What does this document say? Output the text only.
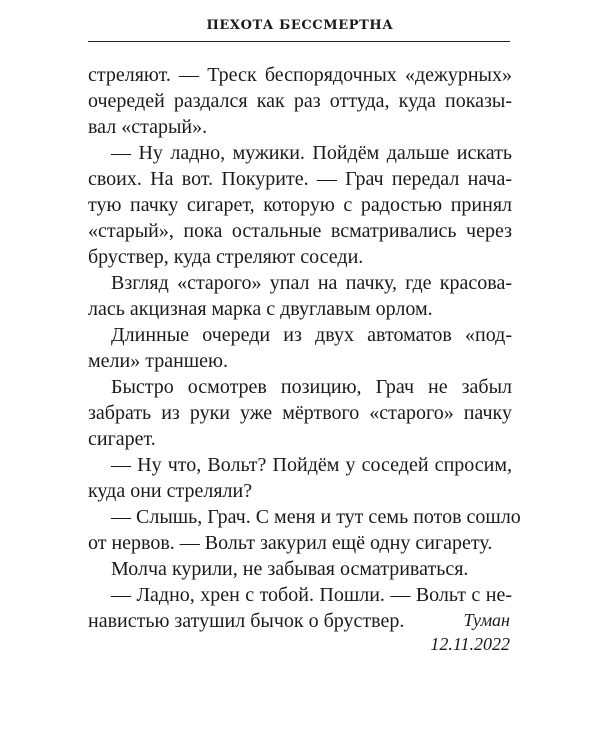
ПЕХОТА БЕССМЕРТНА
стреляют. — Треск беспорядочных «дежурных»
очередей раздался как раз оттуда, куда показы-
вал «старый».
— Ну ладно, мужики. Пойдём дальше искать
своих. На вот. Покурите. — Грач передал нача-
тую пачку сигарет, которую с радостью принял
«старый», пока остальные всматривались через
бруствер, куда стреляют соседи.
Взгляд «старого» упал на пачку, где красова-
лась акцизная марка с двуглавым орлом.
Длинные очереди из двух автоматов «под-
мели» траншею.
Быстро осмотрев позицию, Грач не забыл
забрать из руки уже мёртвого «старого» пачку
сигарет.
— Ну что, Вольт? Пойдём у соседей спросим,
куда они стреляли?
— Слышь, Грач. С меня и тут семь потов сошло
от нервов. — Вольт закурил ещё одну сигарету.
Молча курили, не забывая осматриваться.
— Ладно, хрен с тобой. Пошли. — Вольт с не-
навистью затушил бычок о бруствер.	Туман
12.11.2022
